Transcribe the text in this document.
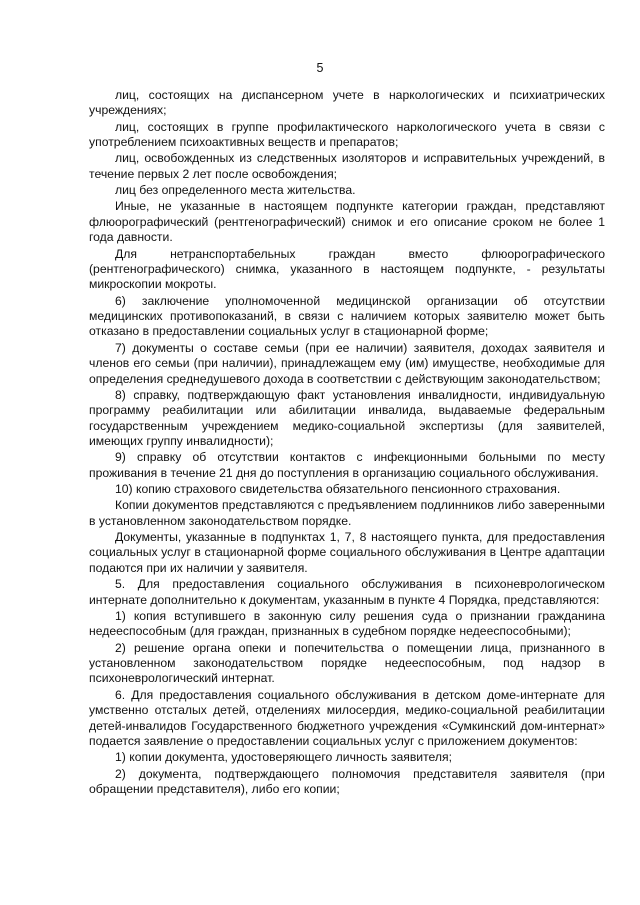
5

лиц, состоящих на диспансерном учете в наркологических и психиатрических учреждениях;

лиц, состоящих в группе профилактического наркологического учета в связи с употреблением психоактивных веществ и препаратов;

лиц, освобожденных из следственных изоляторов и исправительных учреждений, в течение первых 2 лет после освобождения;

лиц без определенного места жительства.

Иные, не указанные в настоящем подпункте категории граждан, представляют флюорографический (рентгенографический) снимок и его описание сроком не более 1 года давности.

Для нетранспортабельных граждан вместо флюорографического (рентгенографического) снимка, указанного в настоящем подпункте, - результаты микроскопии мокроты.

6) заключение уполномоченной медицинской организации об отсутствии медицинских противопоказаний, в связи с наличием которых заявителю может быть отказано в предоставлении социальных услуг в стационарной форме;

7) документы о составе семьи (при ее наличии) заявителя, доходах заявителя и членов его семьи (при наличии), принадлежащем ему (им) имуществе, необходимые для определения среднедушевого дохода в соответствии с действующим законодательством;

8) справку, подтверждающую факт установления инвалидности, индивидуальную программу реабилитации или абилитации инвалида, выдаваемые федеральным государственным учреждением медико-социальной экспертизы (для заявителей, имеющих группу инвалидности);

9) справку об отсутствии контактов с инфекционными больными по месту проживания в течение 21 дня до поступления в организацию социального обслуживания.

10) копию страхового свидетельства обязательного пенсионного страхования.

Копии документов представляются с предъявлением подлинников либо заверенными в установленном законодательством порядке.

Документы, указанные в подпунктах 1, 7, 8 настоящего пункта, для предоставления социальных услуг в стационарной форме социального обслуживания в Центре адаптации подаются при их наличии у заявителя.

5. Для предоставления социального обслуживания в психоневрологическом интернате дополнительно к документам, указанным в пункте 4 Порядка, представляются:

1) копия вступившего в законную силу решения суда о признании гражданина недееспособным (для граждан, признанных в судебном порядке недееспособными);

2) решение органа опеки и попечительства о помещении лица, признанного в установленном законодательством порядке недееспособным, под надзор в психоневрологический интернат.

6. Для предоставления социального обслуживания в детском доме-интернате для умственно отсталых детей, отделениях милосердия, медико-социальной реабилитации детей-инвалидов Государственного бюджетного учреждения «Сумкинский дом-интернат» подается заявление о предоставлении социальных услуг с приложением документов:

1) копии документа, удостоверяющего личность заявителя;

2) документа, подтверждающего полномочия представителя заявителя (при обращении представителя), либо его копии;
